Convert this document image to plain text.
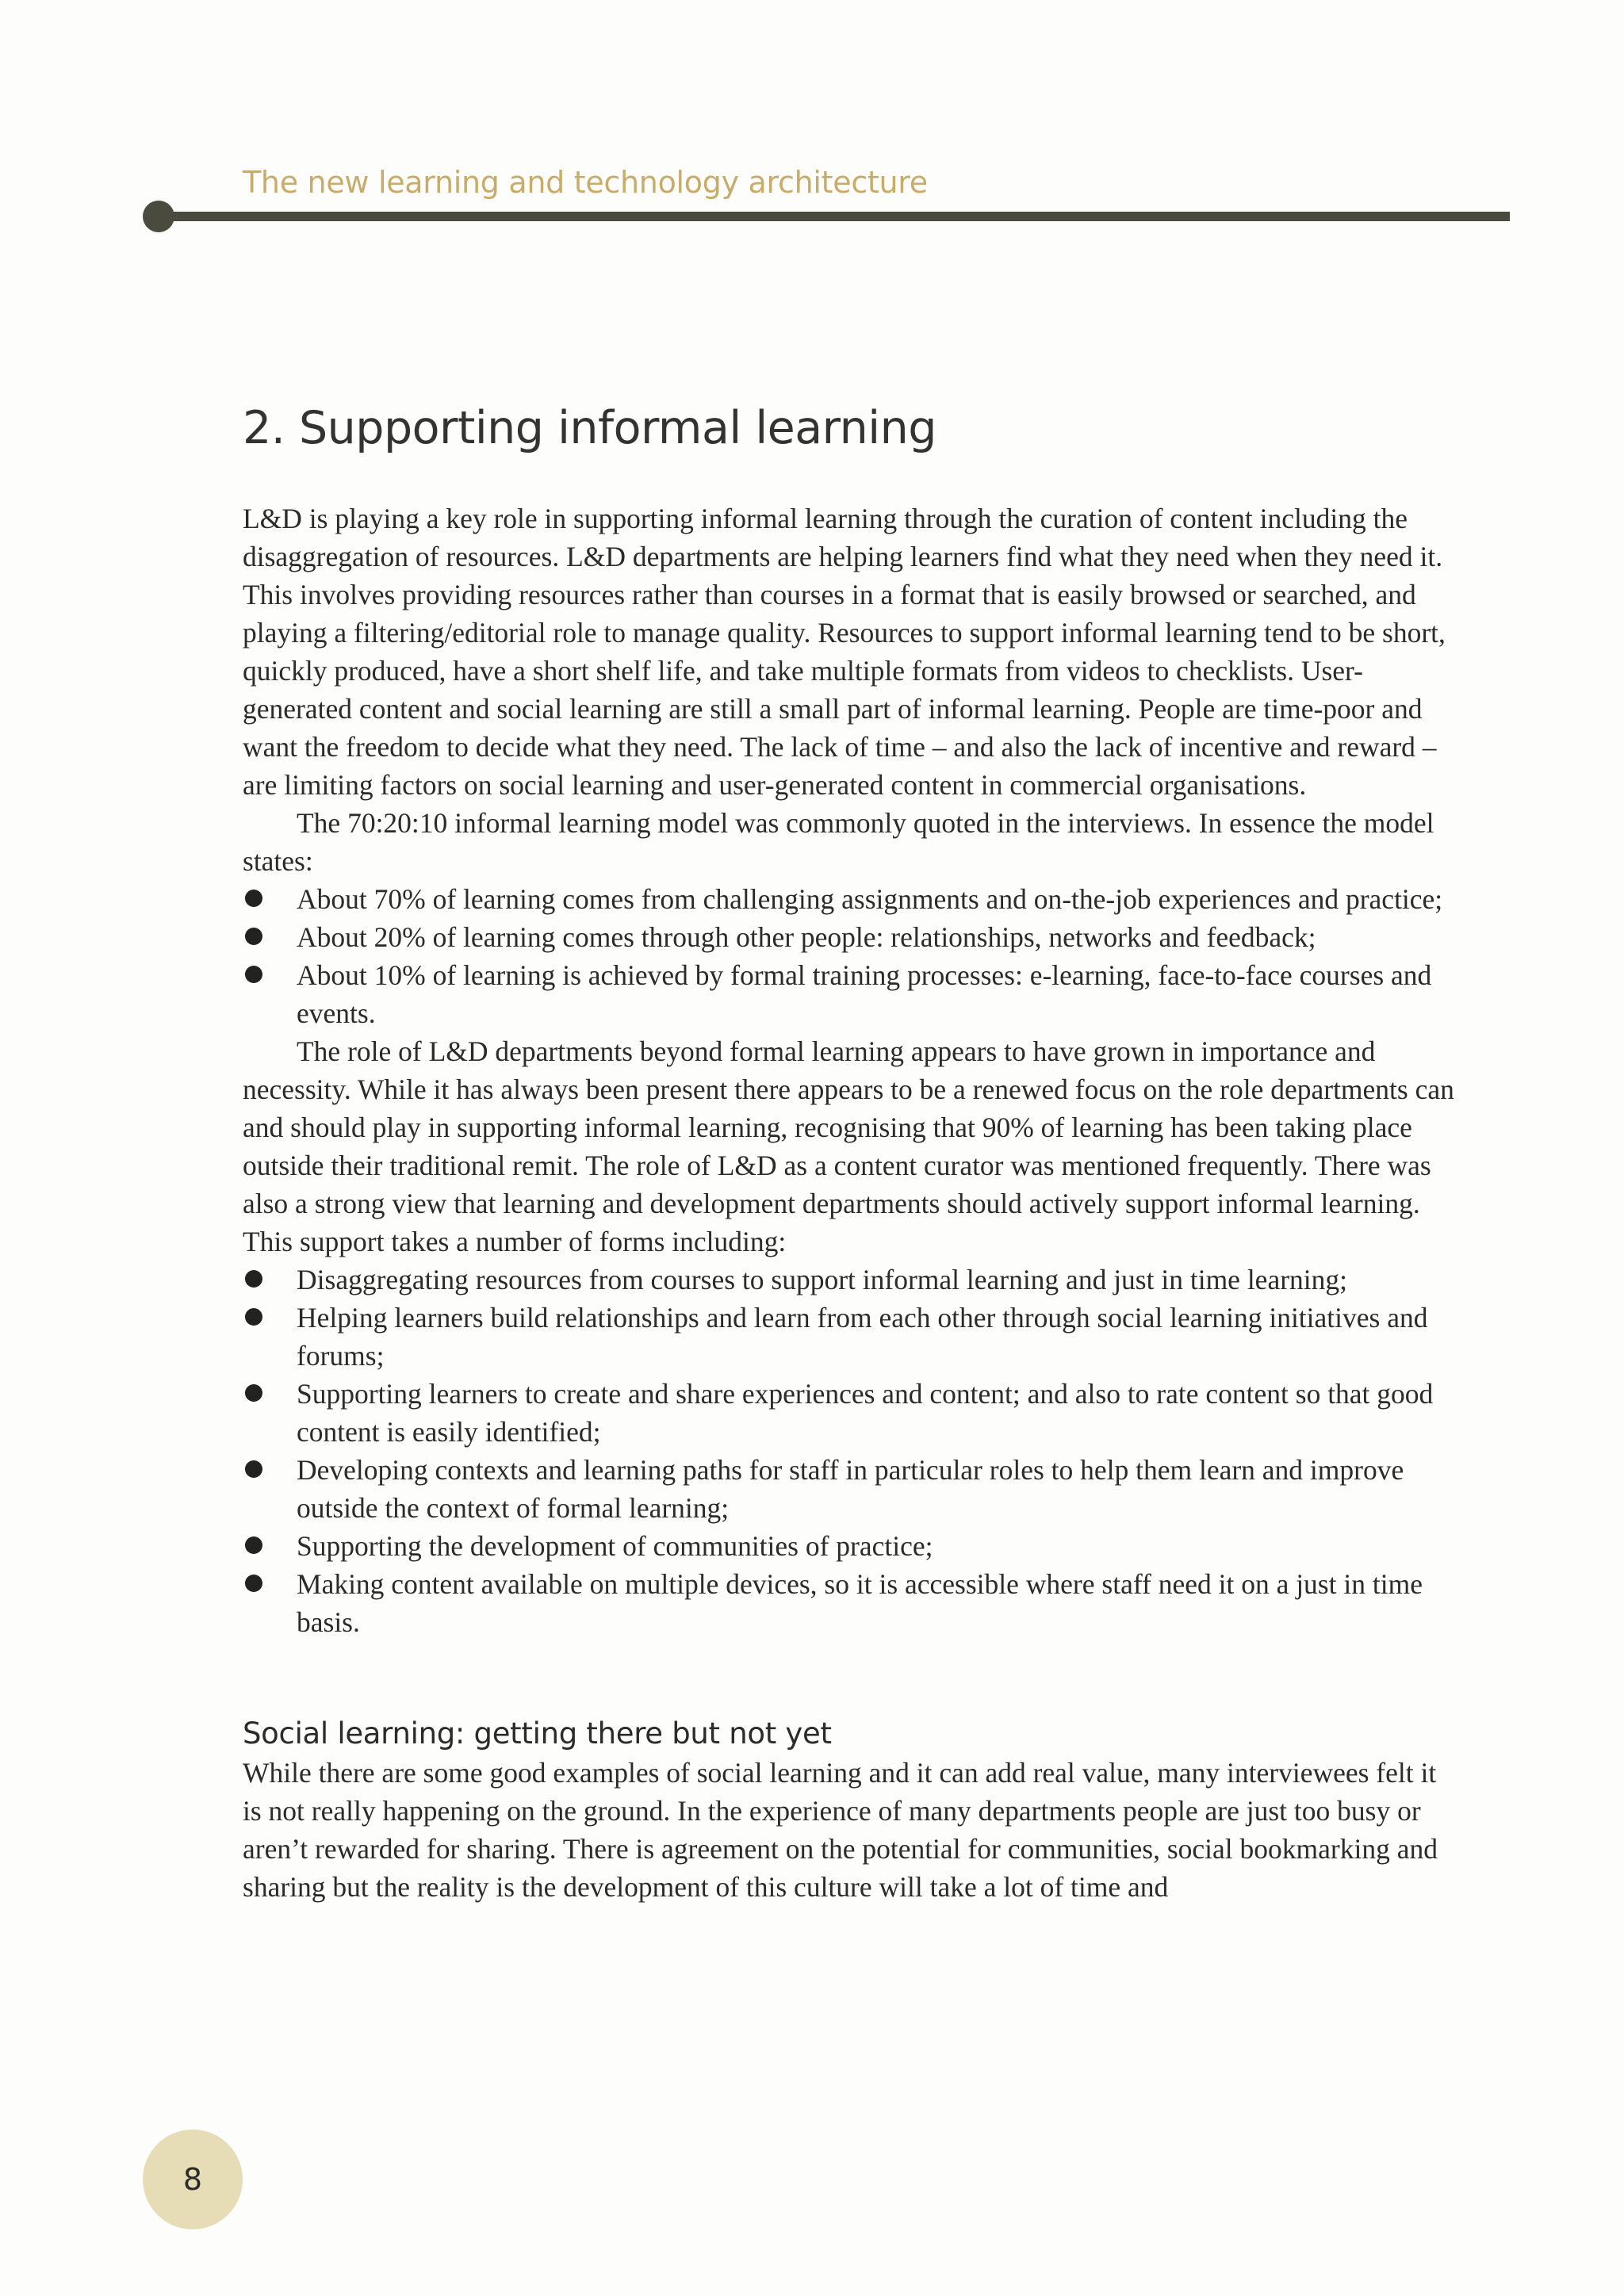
The new learning and technology architecture
2. Supporting informal learning

L&D is playing a key role in supporting informal learning through the curation of content including the disaggregation of resources. L&D departments are helping learners find what they need when they need it. This involves providing resources rather than courses in a format that is easily browsed or searched, and playing a filtering/editorial role to manage quality. Resources to support informal learning tend to be short, quickly produced, have a short shelf life, and take multiple formats from videos to checklists. User-generated content and social learning are still a small part of informal learning. People are time-poor and want the freedom to decide what they need. The lack of time – and also the lack of incentive and reward – are limiting factors on social learning and user-generated content in commercial organisations.

The 70:20:10 informal learning model was commonly quoted in the interviews. In essence the model states:

About 70% of learning comes from challenging assignments and on-the-job experiences and practice;
About 20% of learning comes through other people: relationships, networks and feedback;
About 10% of learning is achieved by formal training processes: e-learning, face-to-face courses and events.

The role of L&D departments beyond formal learning appears to have grown in importance and necessity. While it has always been present there appears to be a renewed focus on the role departments can and should play in supporting informal learning, recognising that 90% of learning has been taking place outside their traditional remit. The role of L&D as a content curator was mentioned frequently. There was also a strong view that learning and development departments should actively support informal learning. This support takes a number of forms including:

Disaggregating resources from courses to support informal learning and just in time learning;
Helping learners build relationships and learn from each other through social learning initiatives and forums;
Supporting learners to create and share experiences and content; and also to rate content so that good content is easily identified;
Developing contexts and learning paths for staff in particular roles to help them learn and improve outside the context of formal learning;
Supporting the development of communities of practice;
Making content available on multiple devices, so it is accessible where staff need it on a just in time basis.
Social learning: getting there but not yet

While there are some good examples of social learning and it can add real value, many interviewees felt it is not really happening on the ground. In the experience of many departments people are just too busy or aren’t rewarded for sharing. There is agreement on the potential for communities, social bookmarking and sharing but the reality is the development of this culture will take a lot of time and

8
